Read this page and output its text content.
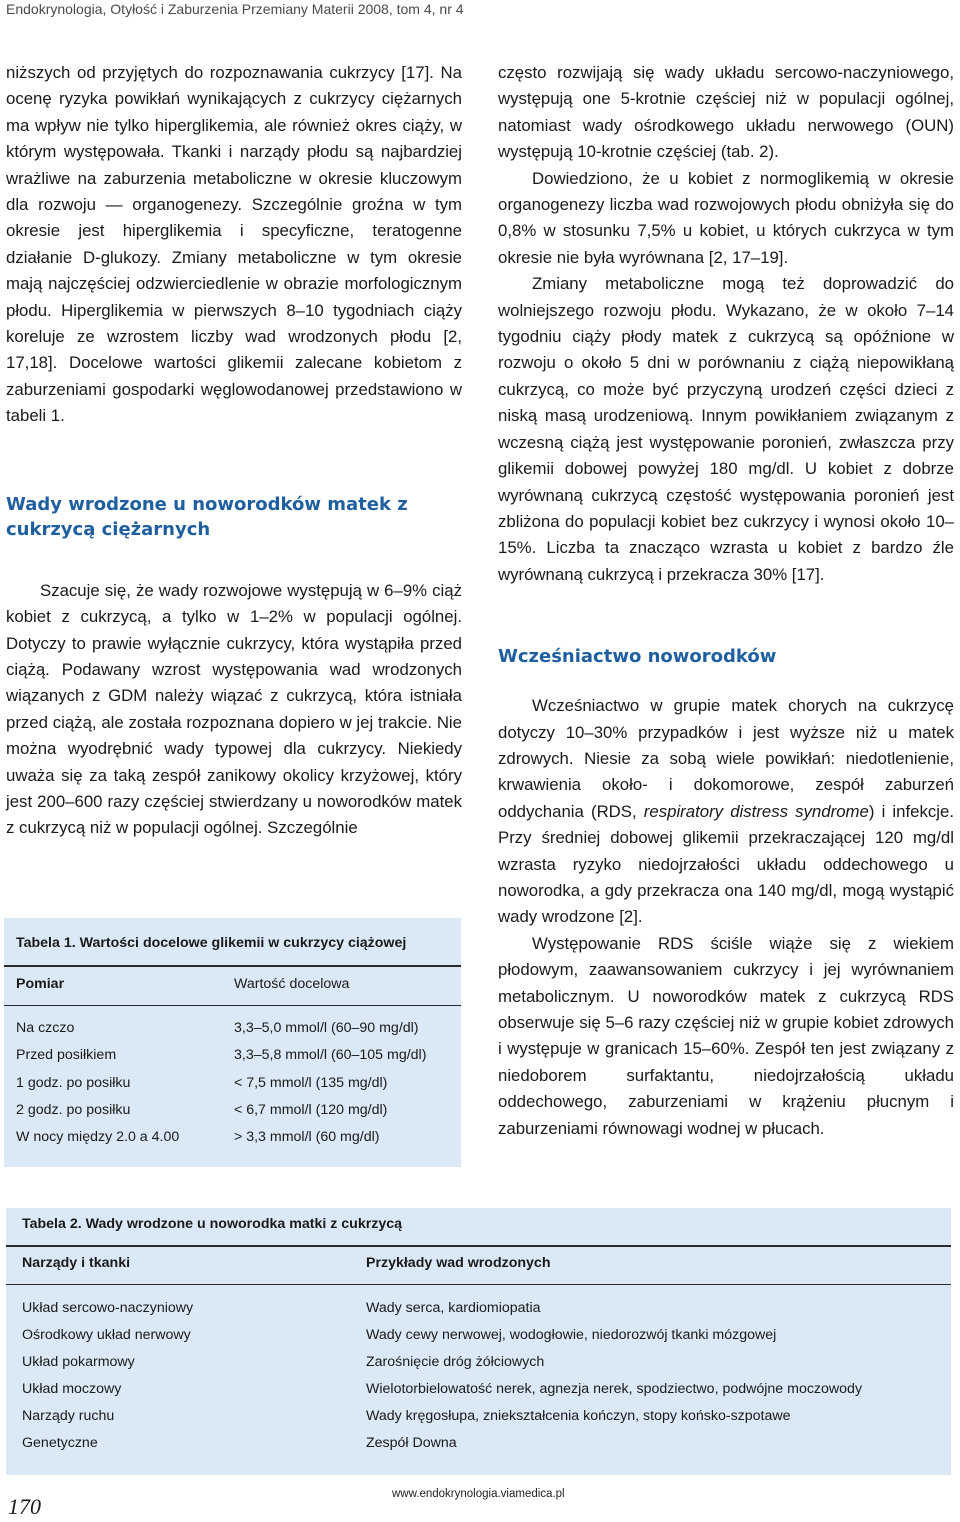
Endokrynologia, Otyłość i Zaburzenia Przemiany Materii 2008, tom 4, nr 4

niższych od przyjętych do rozpoznawania cukrzycy [17]. Na ocenę ryzyka powikłań wynikających z cukrzycy ciężarnych ma wpływ nie tylko hiperglikemia, ale również okres ciąży, w którym występowała. Tkanki i narządy płodu są najbardziej wrażliwe na zaburzenia metaboliczne w okresie kluczowym dla rozwoju — organogenezy. Szczególnie groźna w tym okresie jest hiperglikemia i specyficzne, teratogenne działanie D-glukozy. Zmiany metaboliczne w tym okresie mają najczęściej odzwierciedlenie w obrazie morfologicznym płodu. Hiperglikemia w pierwszych 8–10 tygodniach ciąży koreluje ze wzrostem liczby wad wrodzonych płodu [2, 17,18]. Docelowe wartości glikemii zalecane kobietom z zaburzeniami gospodarki węglowodanowej przedstawiono w tabeli 1.

Wady wrodzone u noworodków matek z cukrzycą ciężarnych

Szacuje się, że wady rozwojowe występują w 6–9% ciąż kobiet z cukrzycą, a tylko w 1–2% w populacji ogólnej. Dotyczy to prawie wyłącznie cukrzycy, która wystąpiła przed ciążą. Podawany wzrost występowania wad wrodzonych wiązanych z GDM należy wiązać z cukrzycą, która istniała przed ciążą, ale została rozpoznana dopiero w jej trakcie. Nie można wyodrębnić wady typowej dla cukrzycy. Niekiedy uważa się za taką zespół zanikowy okolicy krzyżowej, który jest 200–600 razy częściej stwierdzany u noworodków matek z cukrzycą niż w populacji ogólnej. Szczególnie

często rozwijają się wady układu sercowo-naczyniowego, występują one 5-krotnie częściej niż w populacji ogólnej, natomiast wady ośrodkowego układu nerwowego (OUN) występują 10-krotnie częściej (tab. 2).

Dowiedziono, że u kobiet z normoglikemią w okresie organogenezy liczba wad rozwojowych płodu obniżyła się do 0,8% w stosunku 7,5% u kobiet, u których cukrzyca w tym okresie nie była wyrównana [2, 17–19].

Zmiany metaboliczne mogą też doprowadzić do wolniejszego rozwoju płodu. Wykazano, że w około 7–14 tygodniu ciąży płody matek z cukrzycą są opóźnione w rozwoju o około 5 dni w porównaniu z ciążą niepowikłaną cukrzycą, co może być przyczyną urodzeń części dzieci z niską masą urodzeniową. Innym powikłaniem związanym z wczesną ciążą jest występowanie poronień, zwłaszcza przy glikemii dobowej powyżej 180 mg/dl. U kobiet z dobrze wyrównaną cukrzycą częstość występowania poronień jest zbliżona do populacji kobiet bez cukrzycy i wynosi około 10–15%. Liczba ta znacząco wzrasta u kobiet z bardzo źle wyrównaną cukrzycą i przekracza 30% [17].

Wcześniactwo noworodków

Wcześniactwo w grupie matek chorych na cukrzycę dotyczy 10–30% przypadków i jest wyższe niż u matek zdrowych. Niesie za sobą wiele powikłań: niedotlenienie, krwawienia około- i dokomorowe, zespół zaburzeń oddychania (RDS, respiratory distress syndrome) i infekcje. Przy średniej dobowej glikemii przekraczającej 120 mg/dl wzrasta ryzyko niedojrzałości układu oddechowego u noworodka, a gdy przekracza ona 140 mg/dl, mogą wystąpić wady wrodzone [2].

Występowanie RDS ściśle wiąże się z wiekiem płodowym, zaawansowaniem cukrzycy i jej wyrównaniem metabolicznym. U noworodków matek z cukrzycą RDS obserwuje się 5–6 razy częściej niż w grupie kobiet zdrowych i występuje w granicach 15–60%. Zespół ten jest związany z niedoborem surfaktantu, niedojrzałością układu oddechowego, zaburzeniami w krążeniu płucnym i zaburzeniami równowagi wodnej w płucach.

Tabela 1. Wartości docelowe glikemii w cukrzycy ciążowej
Pomiar	Wartość docelowa
Na czczo	3,3–5,0 mmol/l (60–90 mg/dl)
Przed posiłkiem	3,3–5,8 mmol/l (60–105 mg/dl)
1 godz. po posiłku	< 7,5 mmol/l (135 mg/dl)
2 godz. po posiłku	< 6,7 mmol/l (120 mg/dl)
W nocy między 2.0 a 4.00	> 3,3 mmol/l (60 mg/dl)
Tabela 2. Wady wrodzone u noworodka matki z cukrzycą
Narządy i tkanki	Przykłady wad wrodzonych
Układ sercowo-naczyniowy	Wady serca, kardiomiopatia
Ośrodkowy układ nerwowy	Wady cewy nerwowej, wodogłowie, niedorozwój tkanki mózgowej
Układ pokarmowy	Zarośnięcie dróg żółciowych
Układ moczowy	Wielotorbielowatość nerek, agnezja nerek, spodziectwo, podwójne moczowody
Narządy ruchu	Wady kręgosłupa, zniekształcenia kończyn, stopy końsko-szpotawe
Genetyczne	Zespół Downa
170	www.endokrynologia.viamedica.pl
